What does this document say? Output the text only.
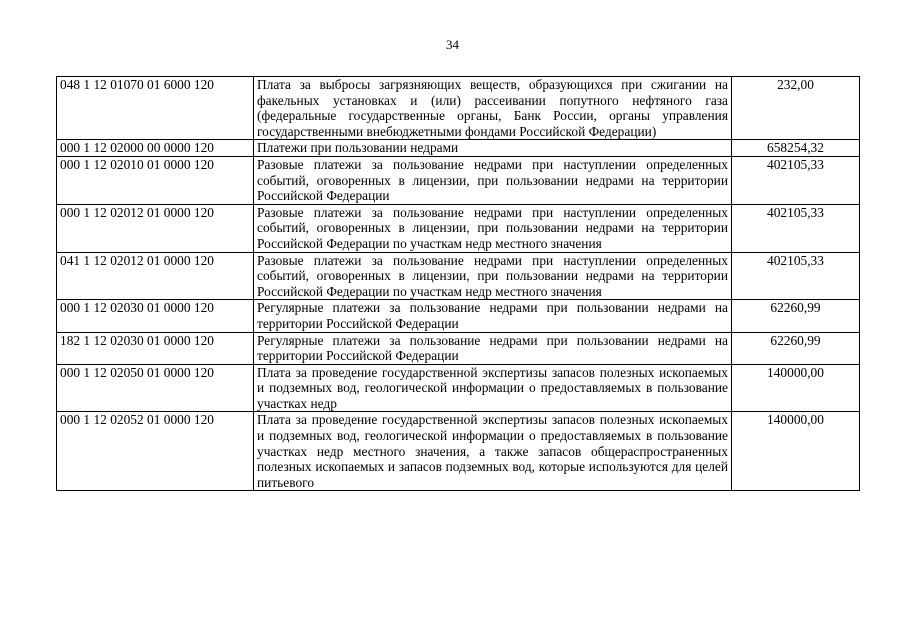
34
048 1 12 01070 01 6000 120	Плата за выбросы загрязняющих веществ, образующихся при сжигании на факельных установках и (или) рассеивании попутного нефтяного газа (федеральные государственные органы, Банк России, органы управления государственными внебюджетными фондами Российской Федерации)	232,00
000 1 12 02000 00 0000 120	Платежи при пользовании недрами	658254,32
000 1 12 02010 01 0000 120	Разовые платежи за пользование недрами при наступлении определенных событий, оговоренных в лицензии, при пользовании недрами на территории Российской Федерации	402105,33
000 1 12 02012 01 0000 120	Разовые платежи за пользование недрами при наступлении определенных событий, оговоренных в лицензии, при пользовании недрами на территории Российской Федерации по участкам недр местного значения	402105,33
041 1 12 02012 01 0000 120	Разовые платежи за пользование недрами при наступлении определенных событий, оговоренных в лицензии, при пользовании недрами на территории Российской Федерации по участкам недр местного значения	402105,33
000 1 12 02030 01 0000 120	Регулярные платежи за пользование недрами при пользовании недрами на территории Российской Федерации	62260,99
182 1 12 02030 01 0000 120	Регулярные платежи за пользование недрами при пользовании недрами на территории Российской Федерации	62260,99
000 1 12 02050 01 0000 120	Плата за проведение государственной экспертизы запасов полезных ископаемых и подземных вод, геологической информации о предоставляемых в пользование участках недр	140000,00
000 1 12 02052 01 0000 120	Плата за проведение государственной экспертизы запасов полезных ископаемых и подземных вод, геологической информации о предоставляемых в пользование участках недр местного значения, а также запасов общераспространенных полезных ископаемых и запасов подземных вод, которые используются для целей питьевого	140000,00
